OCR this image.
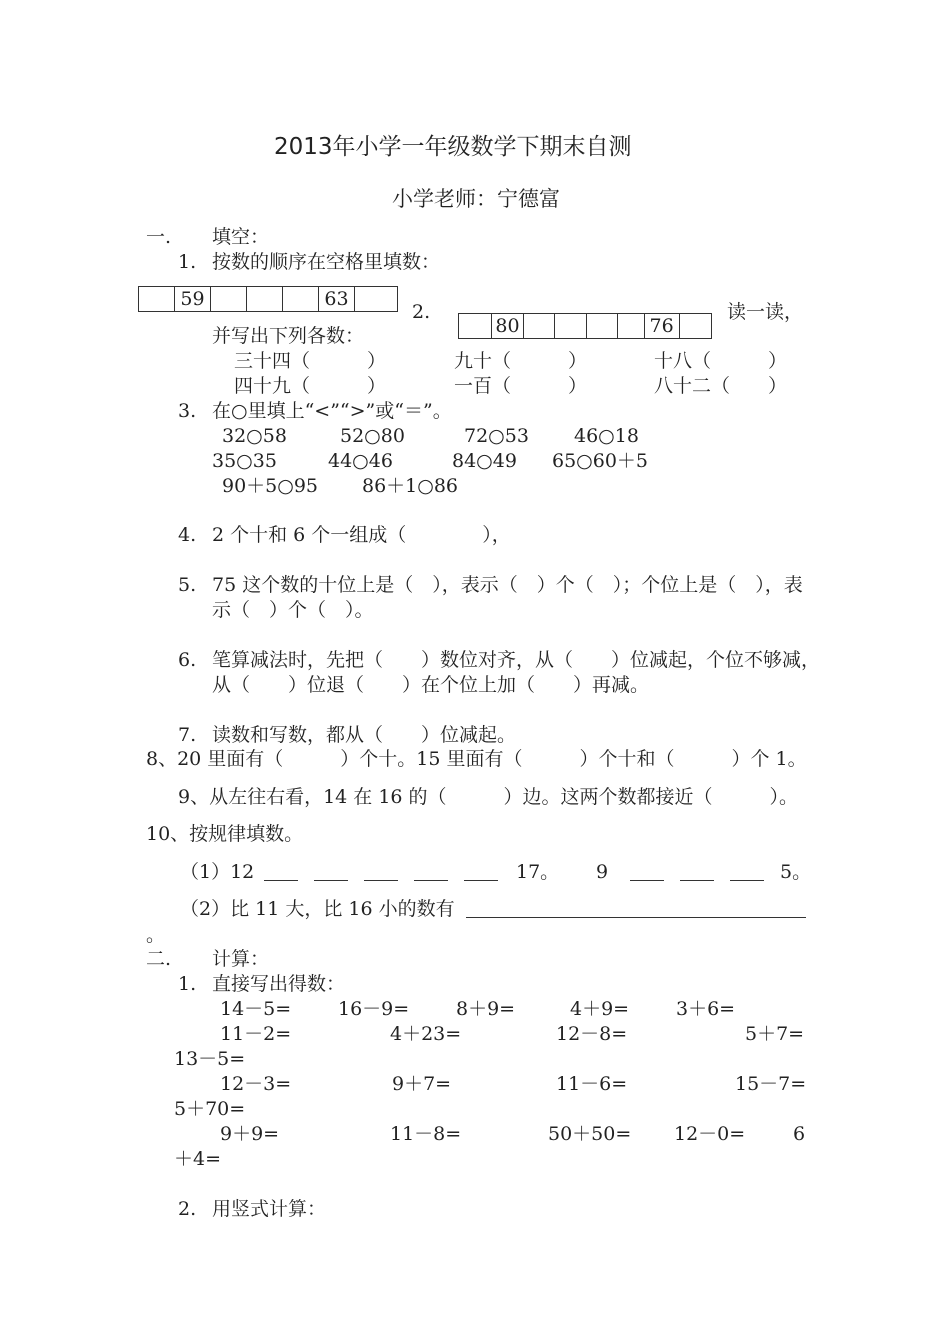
2013年小学一年级数学下期末自测
小学老师：宁德富
一. 填空：
1. 按数的顺序在空格里填数：
59	63
2.
80	76
读一读，
并写出下列各数：
三十四（　　　）	九十（　　　）	十八（　　　）
四十九（　　　）	一百（　　　）	八十二（　　）
3. 在○里填上“<”“>”或“＝”。
32○58	52○80	72○53 46○18
35○35	44○46	84○49 65○60＋5
90＋5○95 86＋1○86
4. 2 个十和 6 个一组成（　　　　），
5. 75 这个数的十位上是（　），表示（　）个（　）；个位上是（　），表
示（　）个（　）。
6. 笔算减法时，先把（　　）数位对齐，从（　　）位减起，个位不够减，
从（　　）位退（　　）在个位上加（　　）再减。
7. 读数和写数，都从（　　）位减起。
8、20 里面有（　　　）个十。15 里面有（　　　）个十和（　　　）个 1。
9、从左往右看，14 在 16 的（　　　）边。这两个数都接近（　　　）。
10、按规律填数。
（1）12	17。 9	5。
（2）比 11 大，比 16 小的数有
。
二. 计算：
1. 直接写出得数：
14－5= 16－9= 8＋9=	4＋9= 3＋6=
11－2=	4＋23=	12－8=	5＋7=
13－5=
12－3=	9＋7=	11－6=	15－7=
5＋70=
9＋9=	11－8=	50＋50= 12－0=	6
＋4=
2. 用竖式计算：
